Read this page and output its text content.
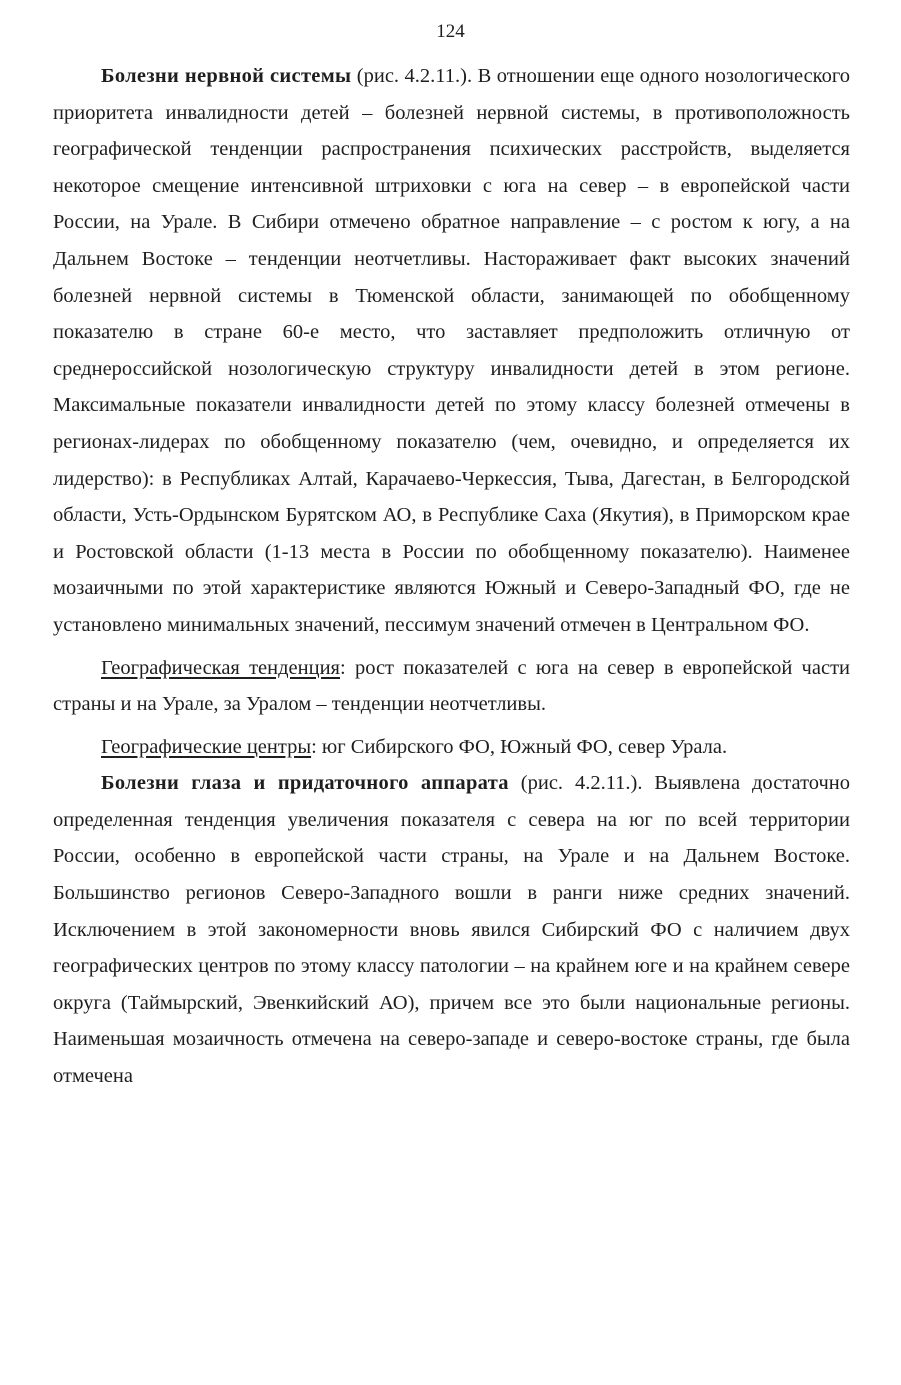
124

Болезни нервной системы (рис. 4.2.11.). В отношении еще одного нозологического приоритета инвалидности детей – болезней нервной системы, в противоположность географической тенденции распространения психических расстройств, выделяется некоторое смещение интенсивной штриховки с юга на север – в европейской части России, на Урале. В Сибири отмечено обратное направление – с ростом к югу, а на Дальнем Востоке – тенденции неотчетливы. Настораживает факт высоких значений болезней нервной системы в Тюменской области, занимающей по обобщенному показателю в стране 60-е место, что заставляет предположить отличную от среднероссийской нозологическую структуру инвалидности детей в этом регионе. Максимальные показатели инвалидности детей по этому классу болезней отмечены в регионах-лидерах по обобщенному показателю (чем, очевидно, и определяется их лидерство): в Республиках Алтай, Карачаево-Черкессия, Тыва, Дагестан, в Белгородской области, Усть-Ордынском Бурятском АО, в Республике Саха (Якутия), в Приморском крае и Ростовской области (1-13 места в России по обобщенному показателю). Наименее мозаичными по этой характеристике являются Южный и Северо-Западный ФО, где не установлено минимальных значений, пессимум значений отмечен в Центральном ФО.

Географическая тенденция: рост показателей с юга на север в европейской части страны и на Урале, за Уралом – тенденции неотчетливы.

Географические центры: юг Сибирского ФО, Южный ФО, север Урала.

Болезни глаза и придаточного аппарата (рис. 4.2.11.). Выявлена достаточно определенная тенденция увеличения показателя с севера на юг по всей территории России, особенно в европейской части страны, на Урале и на Дальнем Востоке. Большинство регионов Северо-Западного вошли в ранги ниже средних значений. Исключением в этой закономерности вновь явился Сибирский ФО с наличием двух географических центров по этому классу патологии – на крайнем юге и на крайнем севере округа (Таймырский, Эвенкийский АО), причем все это были национальные регионы. Наименьшая мозаичность отмечена на северо-западе и северо-востоке страны, где была отмечена
